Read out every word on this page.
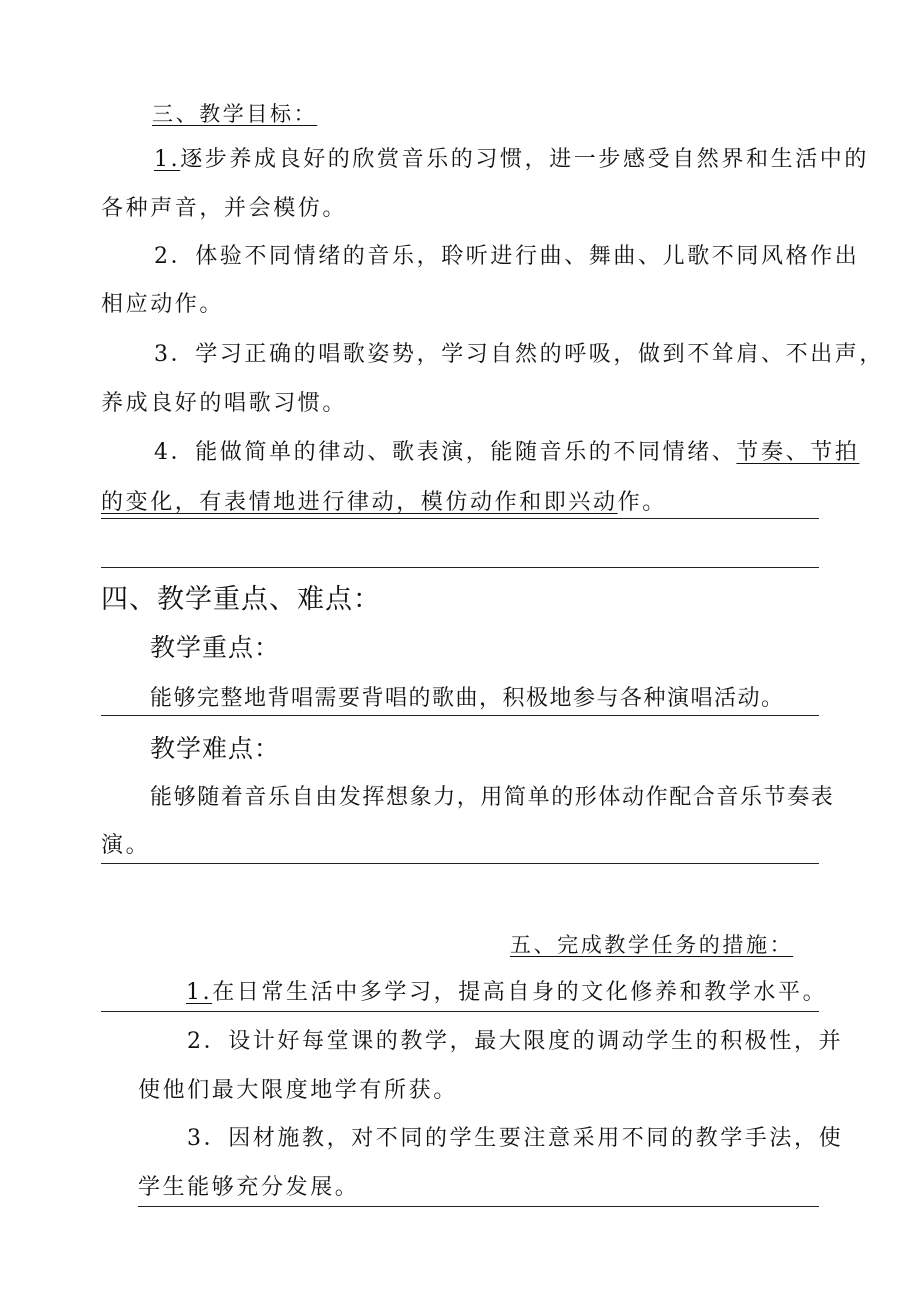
三、教学目标：
1.逐步养成良好的欣赏音乐的习惯，进一步感受自然界和生活中的
各种声音，并会模仿。
2．体验不同情绪的音乐，聆听进行曲、舞曲、儿歌不同风格作出
相应动作。
3．学习正确的唱歌姿势，学习自然的呼吸，做到不耸肩、不出声，
养成良好的唱歌习惯。
4．能做简单的律动、歌表演，能随音乐的不同情绪、节奏、节拍
的变化，有表情地进行律动，模仿动作和即兴动作。
四、教学重点、难点：
教学重点：
能够完整地背唱需要背唱的歌曲，积极地参与各种演唱活动。
教学难点：
能够随着音乐自由发挥想象力，用简单的形体动作配合音乐节奏表
演。
五、完成教学任务的措施：
1.在日常生活中多学习，提高自身的文化修养和教学水平。
2．设计好每堂课的教学，最大限度的调动学生的积极性，并
使他们最大限度地学有所获。
3．因材施教，对不同的学生要注意采用不同的教学手法，使
学生能够充分发展。
